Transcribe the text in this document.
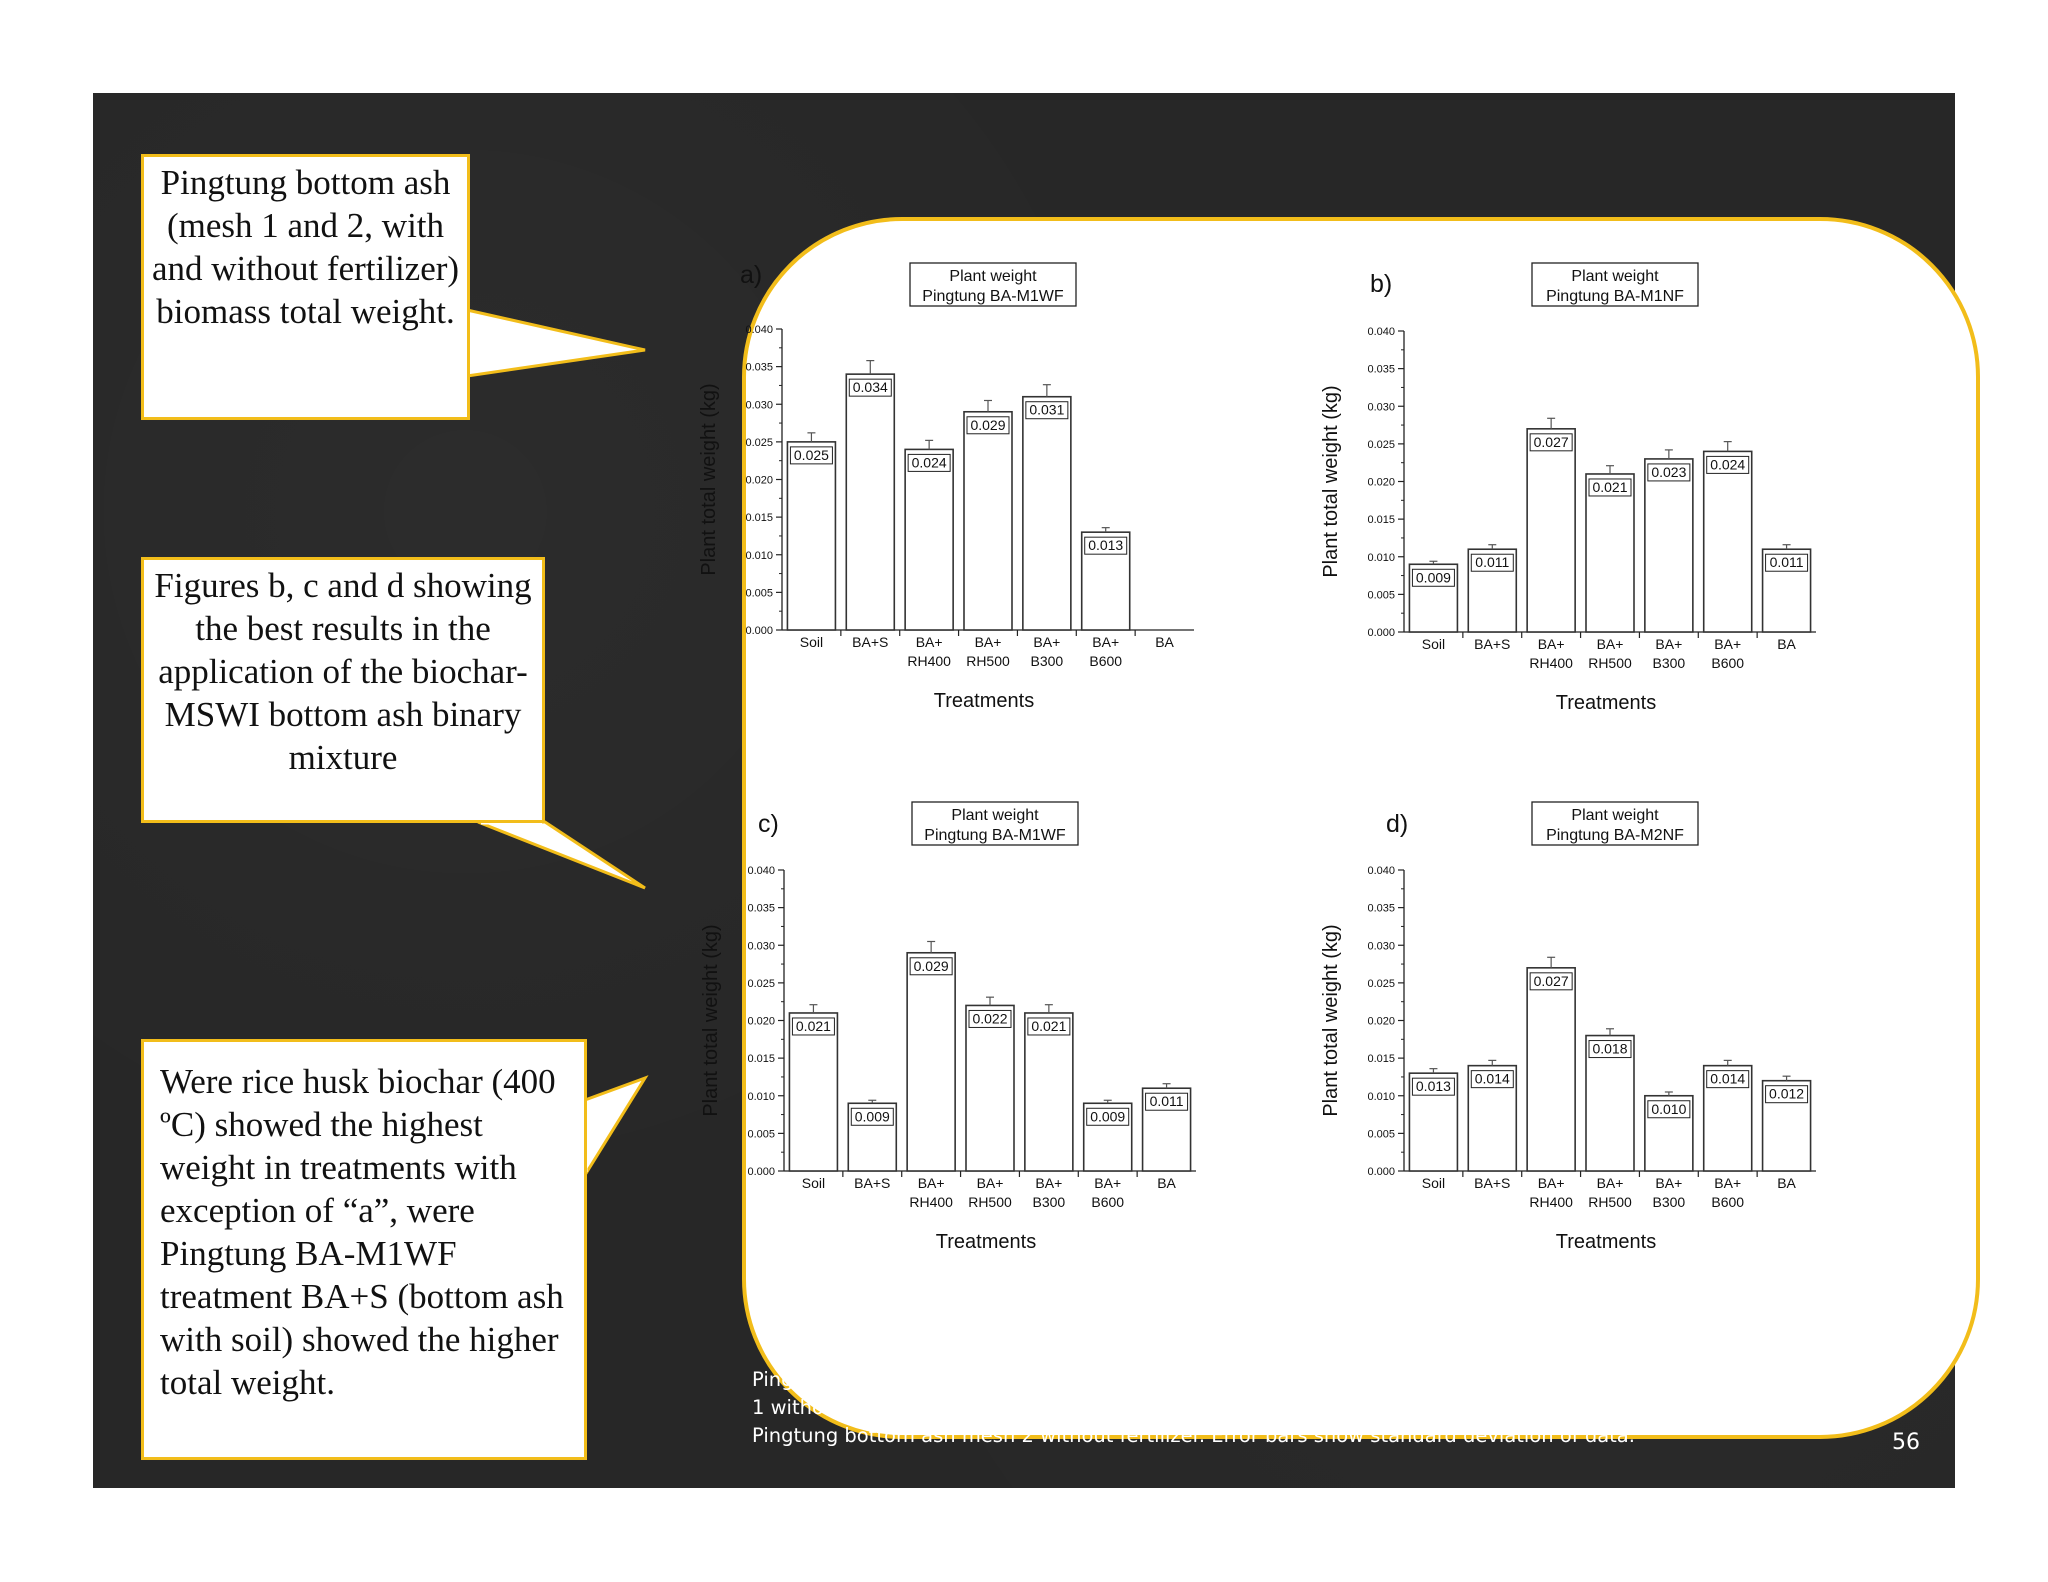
Pingtung bottom ash (mesh 1 and 2, with and without fertilizer) biomass total weight.
Figures b, c and d showing the best results in the application of the biochar-MSWI bottom ash binary mixture
Were rice husk biochar (400 ºC) showed the highest weight in treatments with exception of “a”, were Pingtung BA-M1WF treatment BA+S (bottom ash with soil) showed the higher total weight.
a)	Plant weight
Pingtung BA-M1WF
0.000
0.005
0.010
0.015
0.020
0.025
0.030
0.035
0.040
Plant total weight (kg)
Soil
0.025
BA+S
0.034
BA+
RH400
0.024
BA+
RH500
0.029
BA+
B300
0.031
BA+
B600
0.013
BA
Treatments
b)	Plant weight
Pingtung BA-M1NF
0.000
0.005
0.010
0.015
0.020
0.025
0.030
0.035
0.040
Plant total weight (kg)
Soil
0.009
BA+S
0.011
BA+
RH400
0.027
BA+
RH500
0.021
BA+
B300
0.023
BA+
B600
0.024
BA
0.011
Treatments
c)	Plant weight
Pingtung BA-M1WF
0.000
0.005
0.010
0.015
0.020
0.025
0.030
0.035
0.040
Plant total weight (kg)
Soil
0.021
BA+S
0.009
BA+
RH400
0.029
BA+
RH500
0.022
BA+
B300
0.021
BA+
B600
0.009
BA
0.011
Treatments
d)	Plant weight
Pingtung BA-M2NF
0.000
0.005
0.010
0.015
0.020
0.025
0.030
0.035
0.040
Plant total weight (kg)
Soil
0.013
BA+S
0.014
BA+
RH400
0.027
BA+
RH500
0.018
BA+
B300
0.010
BA+
B600
0.014
BA
0.012
Treatments
Pingtung BA-M1WF = Pingtung bottom ash mesh 1 with fertilizer, b) Pingtung BA-M1NF= Pingtung bottom ash mesh 1 without fertilizer, c) Pingtung BA-M2WF= Pingtung bottom ash mesh 2 with fertilizer, d) Pingtung BA-M2NF = Pingtung bottom ash mesh 2 without fertilizer. Error bars show standard deviation of data.	56
